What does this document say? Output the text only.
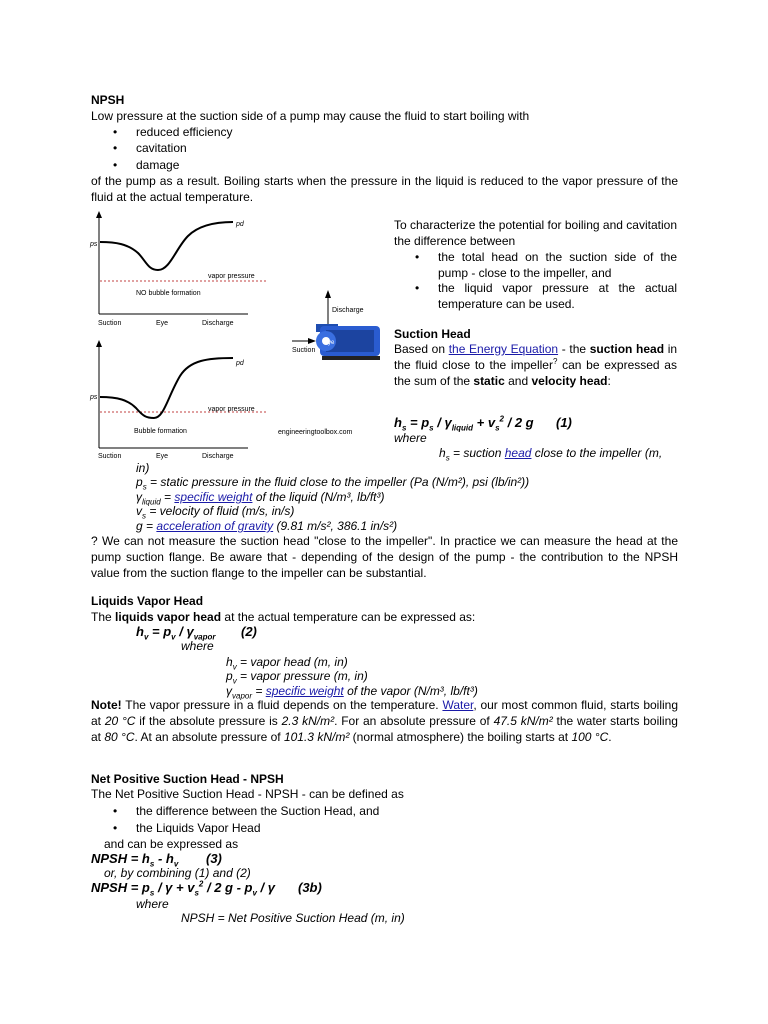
NPSH
Low pressure at the suction side of a pump may cause the fluid to start boiling with
• reduced efficiency
• cavitation
• damage
of the pump as a result. Boiling starts when the pressure in the liquid is reduced to the vapor pressure of the fluid at the actual temperature.
pd
ps
vapor pressure
NO bubble formation
Suction	Eye	Discharge
Discharge
Suction
Eye
pd
ps
vapor pressure
Bubble formation
Suction	Eye	Discharge
engineeringtoolbox.com
To characterize the potential for boiling and cavitation the difference between
• the total head on the suction side of the pump - close to the impeller, and
• the liquid vapor pressure at the actual temperature can be used.
Suction Head
Based on the Energy Equation - the suction head in the fluid close to the impeller? can be expressed as the sum of the static and velocity head:
$h_s = p_s / \gamma_{liquid} + v_s^2 / 2$ g (1)
where
$h_s$ = suction head close to the impeller (m,
in)
$p_s$ = static pressure in the fluid close to the impeller (Pa (N/m²), psi (lb/in²))
$\gamma_{liquid}$ = specific weight of the liquid (N/m³, lb/ft³)
$v_s$ = velocity of fluid (m/s, in/s)
g = acceleration of gravity (9.81 m/s², 386.1 in/s²)
? We can not measure the suction head "close to the impeller". In practice we can measure the head at the pump suction flange. Be aware that - depending of the design of the pump - the contribution to the NPSH value from the suction flange to the impeller can be substantial.
Liquids Vapor Head
The liquids vapor head at the actual temperature can be expressed as:
$h_v = p_v / \gamma_{vapor}$ (2)
where
$h_v$ = vapor head (m, in)
$p_v$ = vapor pressure (m, in)
$\gamma_{vapor}$ = specific weight of the vapor (N/m³, lb/ft³)
Note! The vapor pressure in a fluid depends on the temperature. Water, our most common fluid, starts boiling at 20 °C if the absolute pressure is 2.3 kN/m². For an absolute pressure of 47.5 kN/m² the water starts boiling at 80 °C. At an absolute pressure of 101.3 kN/m² (normal atmosphere) the boiling starts at 100 °C.
Net Positive Suction Head - NPSH
The Net Positive Suction Head - NPSH - can be defined as
• the difference between the Suction Head, and
• the Liquids Vapor Head
and can be expressed as
NPSH = $h_s - h_v$ (3)
or, by combining (1) and (2)
NPSH = $p_s / \gamma + v_s^2 / 2$ g - $p_v$ / γ (3b)
where
NPSH = Net Positive Suction Head (m, in)
